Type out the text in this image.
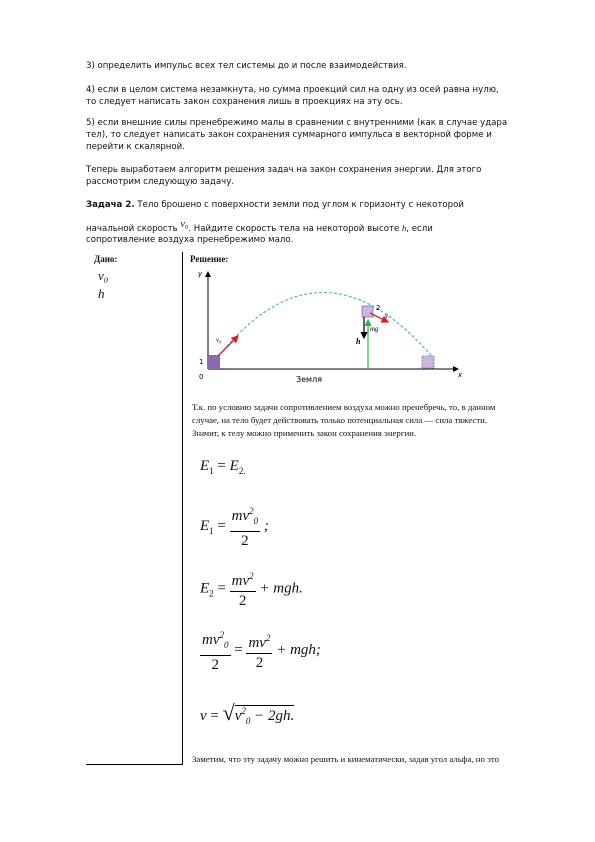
3) определить импульс всех тел системы до и после взаимодействия.
4) если в целом система незамкнута, но сумма проекций сил на одну из осей равна нулю,
то следует написать закон сохранения лишь в проекциях на эту ось.
5) если внешние силы пренебрежимо малы в сравнении с внутренними (как в случае удара
тел), то следует написать закон сохранения суммарного импульса в векторной форме и
перейти к скалярной.
Теперь выработаем алгоритм решения задач на закон сохранения энергии. Для этого
рассмотрим следующую задачу.
Задача 2. Тело брошено с поверхности земли под углом к горизонту с некоторой
начальной скорость v₀. Найдите скорость тела на некоторой высоте h, если
сопротивление воздуха пренебрежимо мало.
Дано:
v₀
h
Решение:
y
x
0
1
v₀
2
v
mg
h
Земля
Т.к. по условию задачи сопротивлением воздуха можно пренебречь, то, в данном
случае, на тело будет действовать только потенциальная сила — сила тяжести.
Значит, к телу можно применить закон сохранения энергии.
$E_1 = E_{2.}$
$E_1 = \frac{mv^2_0}{2}$ ;
$E_2 = \frac{mv^2}{2}$ + mgh.
$\frac{mv^2_0}{2} = \frac{mv^2}{2}$ + mgh;
$v = √v^2_0 - 2gh$.
Заметим, что эту задачу можно решить и кинематически, задав угол альфа, но это
